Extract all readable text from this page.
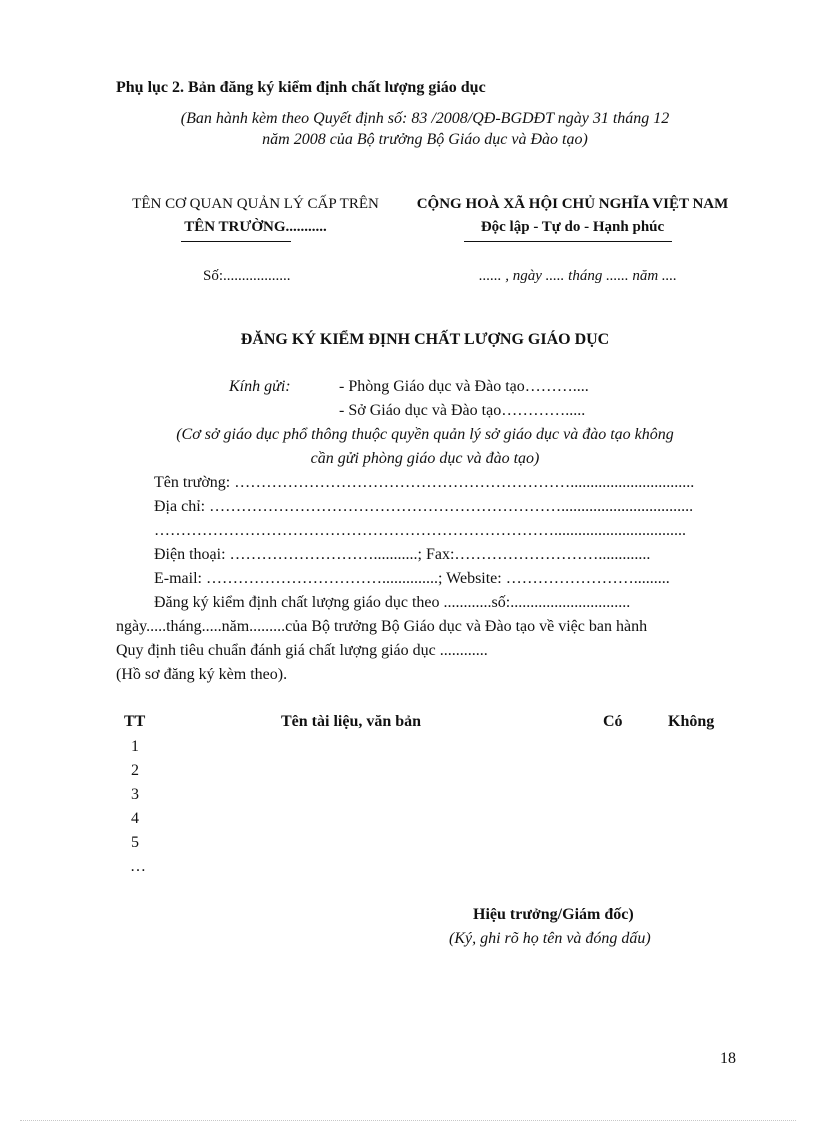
Phụ lục 2. Bản đăng ký kiểm định chất lượng giáo dục
(Ban hành kèm theo Quyết định số: 83 /2008/QĐ-BGDĐT ngày 31 tháng 12
năm 2008 của Bộ trưởng Bộ Giáo dục và Đào tạo)
TÊN CƠ QUAN QUẢN LÝ CẤP TRÊN
TÊN TRƯỜNG...........
CỘNG HOÀ XÃ HỘI CHỦ NGHĨA VIỆT NAM
Độc lập - Tự do - Hạnh phúc
Số:..................	...... , ngày ..... tháng ...... năm ....
ĐĂNG KÝ KIỂM ĐỊNH CHẤT LƯỢNG GIÁO DỤC
Kính gửi:	- Phòng Giáo dục và Đào tạo………....
- Sở Giáo dục và Đào tạo………….....
(Cơ sở giáo dục phổ thông thuộc quyền quản lý sở giáo dục và đào tạo không
cần gửi phòng giáo dục và đào tạo)
Tên trường: ………………………………………………………...............................
Địa chỉ: ………………………………………………………….................................
………………………………………………………………….................................
Điện thoại: ………………………...........; Fax:……………………….............
E-mail: ……………………………..............; Website: …………………….........
Đăng ký kiểm định chất lượng giáo dục theo ............số:..............................
ngày.....tháng.....năm.........của Bộ trưởng Bộ Giáo dục và Đào tạo về việc ban hành
Quy định tiêu chuẩn đánh giá chất lượng giáo dục ............
(Hồ sơ đăng ký kèm theo).
TT	Tên tài liệu, văn bản	Có	Không
1
2
3
4
5
…
Hiệu trưởng/Giám đốc)
(Ký, ghi rõ họ tên và đóng dấu)
18
